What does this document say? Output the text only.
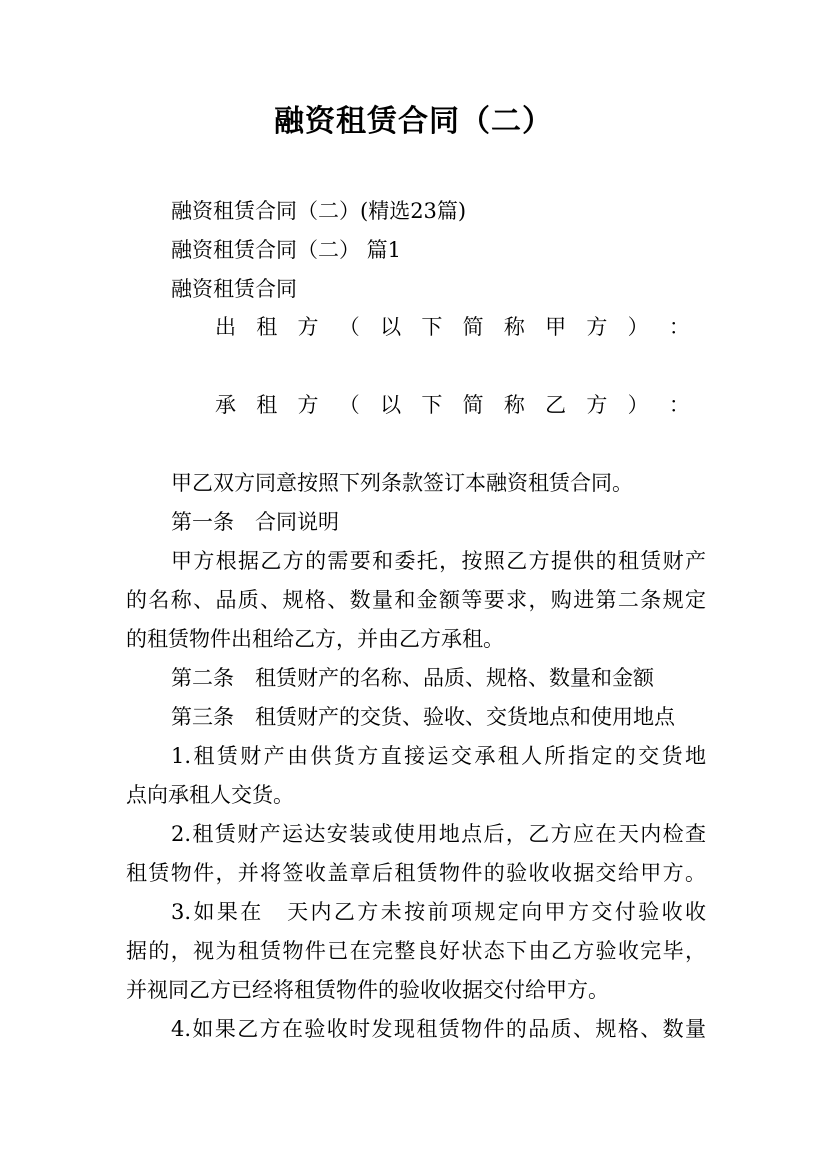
融资租赁合同（二）
融资租赁合同（二）(精选23篇)
融资租赁合同（二） 篇1
融资租赁合同
出 租 方 （ 以 下 简 称 甲 方 ） ：
承 租 方 （ 以 下 简 称 乙 方 ） ：
甲乙双方同意按照下列条款签订本融资租赁合同。
第一条　合同说明
甲方根据乙方的需要和委托，按照乙方提供的租赁财产
的名称、品质、规格、数量和金额等要求，购进第二条规定
的租赁物件出租给乙方，并由乙方承租。
第二条　租赁财产的名称、品质、规格、数量和金额
第三条　租赁财产的交货、验收、交货地点和使用地点
1.租赁财产由供货方直接运交承租人所指定的交货地
点向承租人交货。
2.租赁财产运达安装或使用地点后，乙方应在天内检查
租赁物件，并将签收盖章后租赁物件的验收收据交给甲方。
3.如果在　天内乙方未按前项规定向甲方交付验收收
据的，视为租赁物件已在完整良好状态下由乙方验收完毕，
并视同乙方已经将租赁物件的验收收据交付给甲方。
4.如果乙方在验收时发现租赁物件的品质、规格、数量
